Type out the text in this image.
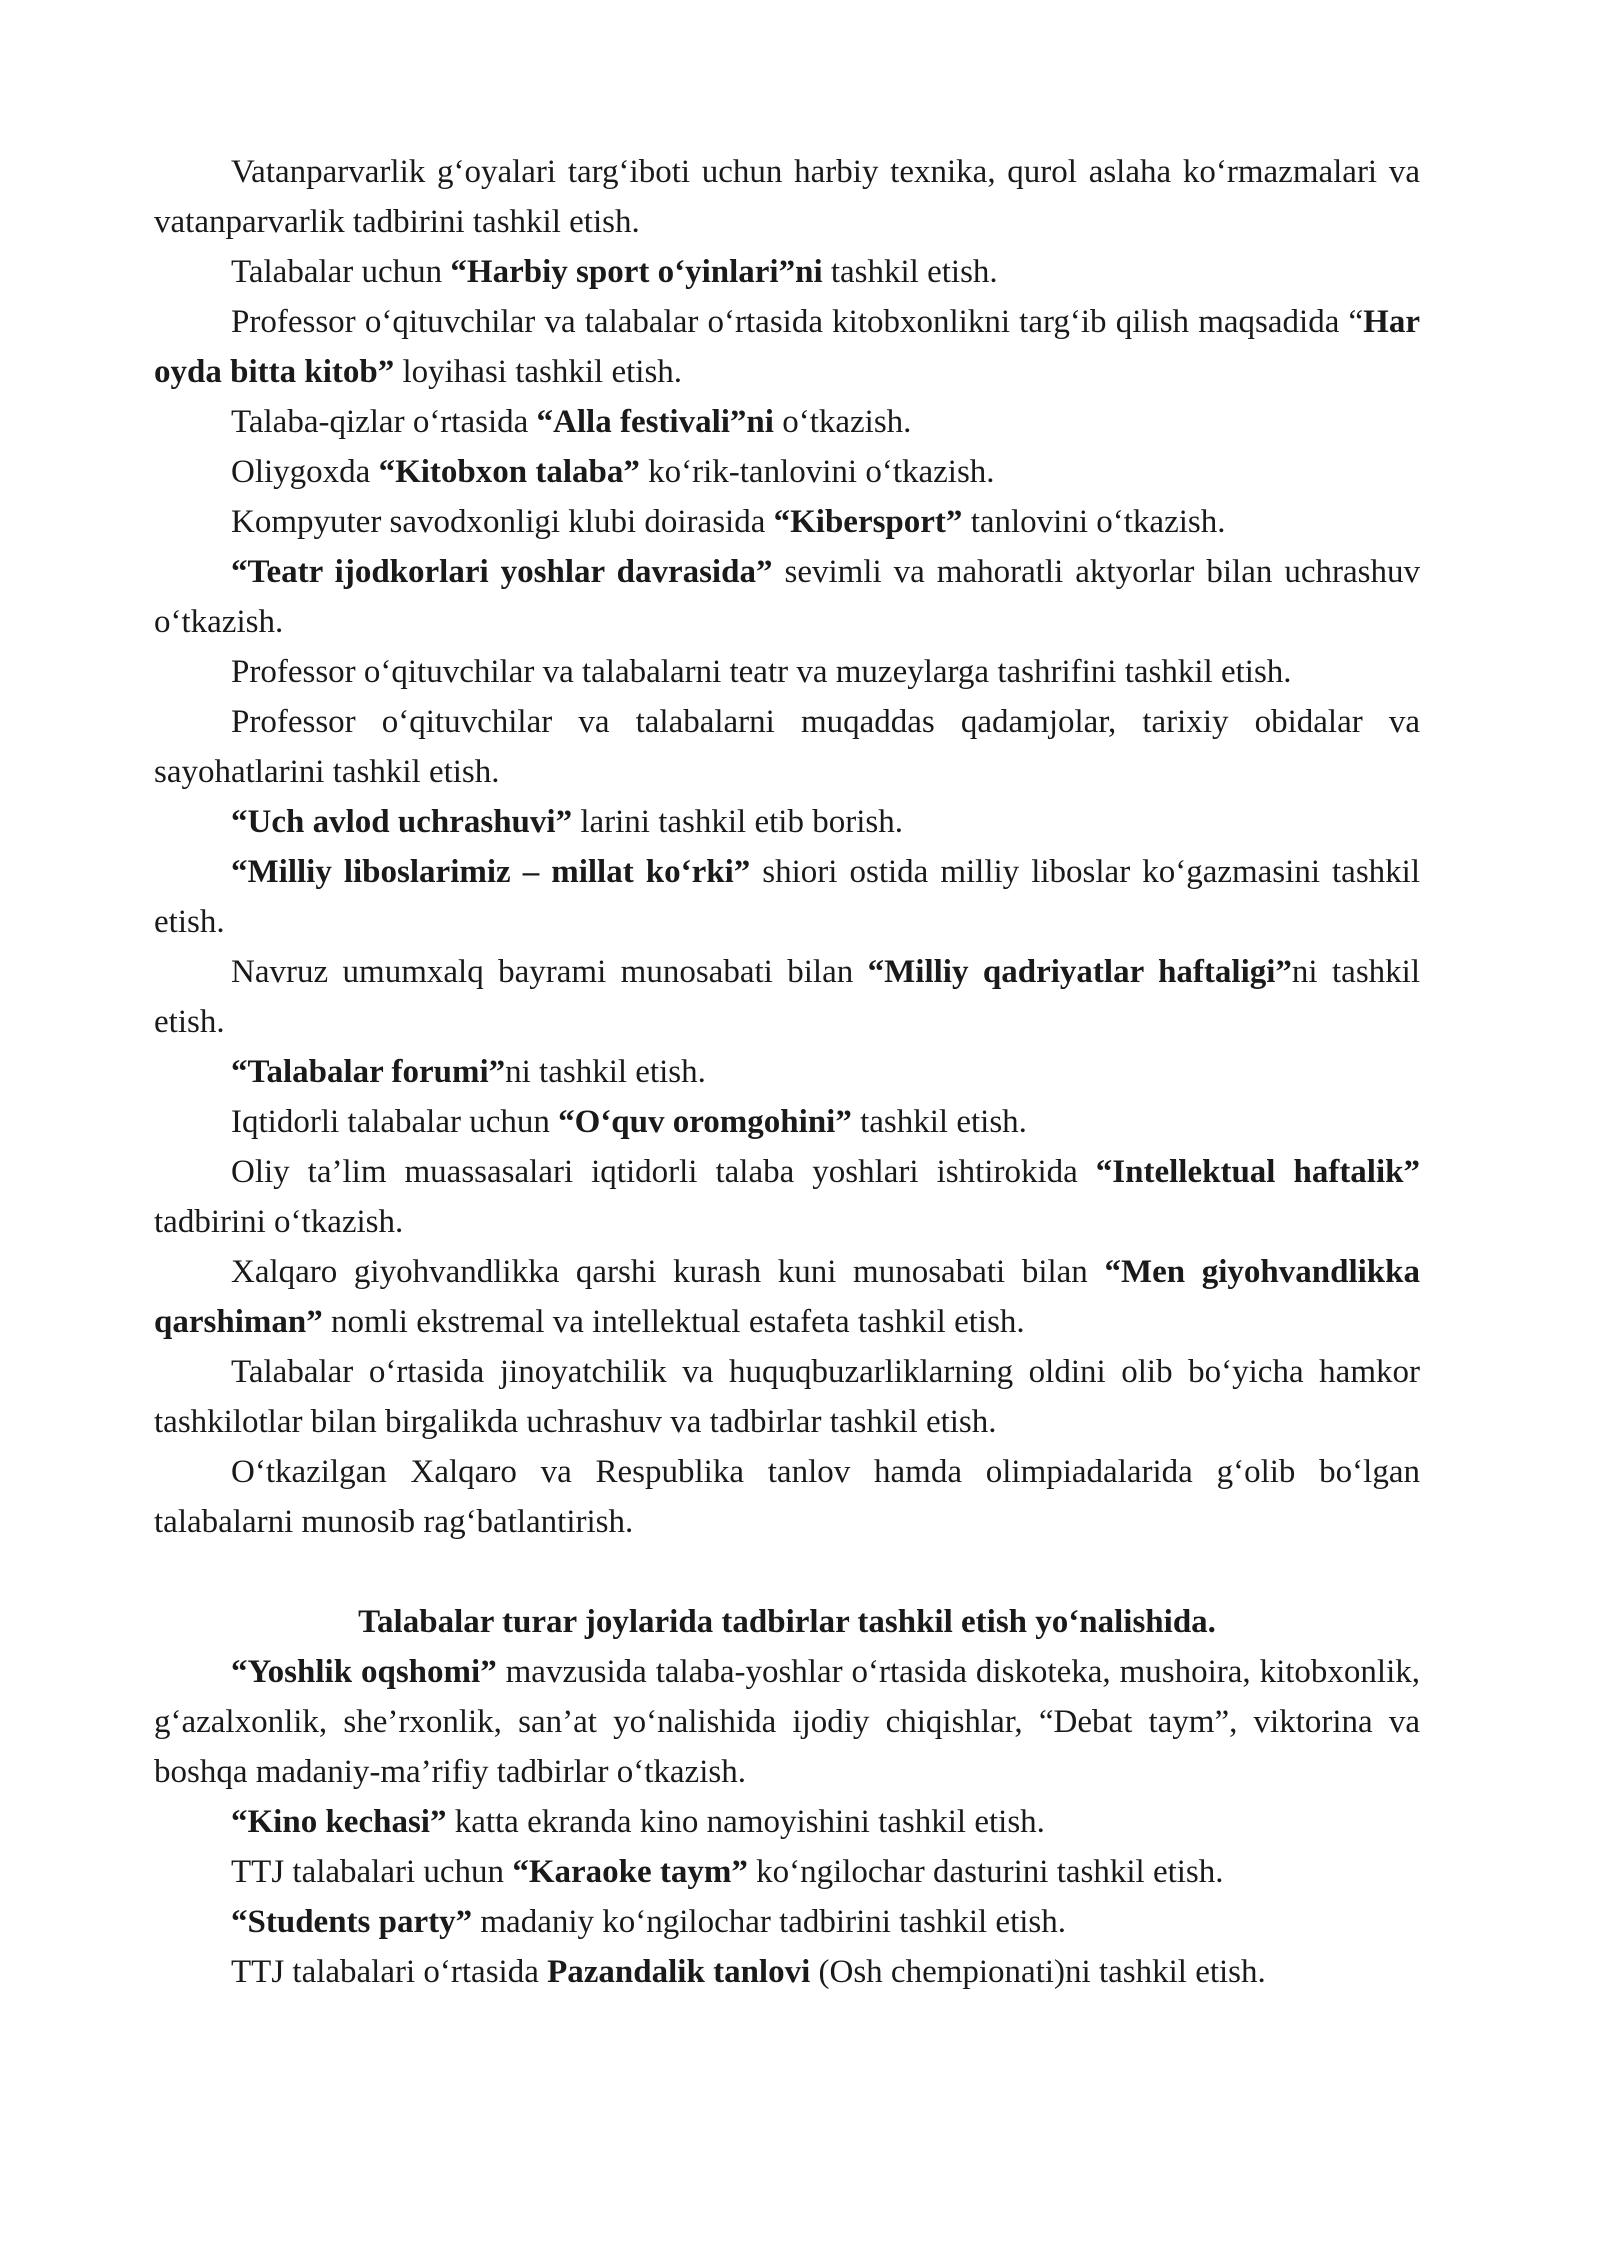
Vatanparvarlik g‘oyalari targ‘iboti uchun harbiy texnika, qurol aslaha ko‘rmazmalari va vatanparvarlik tadbirini tashkil etish.

Talabalar uchun “Harbiy sport o‘yinlari”ni tashkil etish.

Professor o‘qituvchilar va talabalar o‘rtasida kitobxonlikni targ‘ib qilish maqsadida “Har oyda bitta kitob” loyihasi tashkil etish.

Talaba-qizlar o‘rtasida “Alla festivali”ni o‘tkazish.

Oliygoxda “Kitobxon talaba” ko‘rik-tanlovini o‘tkazish.

Kompyuter savodxonligi klubi doirasida “Kibersport” tanlovini o‘tkazish.

“Teatr ijodkorlari yoshlar davrasida” sevimli va mahoratli aktyorlar bilan uchrashuv o‘tkazish.

Professor o‘qituvchilar va talabalarni teatr va muzeylarga tashrifini tashkil etish.

Professor o‘qituvchilar va talabalarni muqaddas qadamjolar, tarixiy obidalar va sayohatlarini tashkil etish.

“Uch avlod uchrashuvi” larini tashkil etib borish.

“Milliy liboslarimiz – millat ko‘rki” shiori ostida milliy liboslar ko‘gazmasini tashkil etish.

Navruz umumxalq bayrami munosabati bilan “Milliy qadriyatlar haftaligi”ni tashkil etish.

“Talabalar forumi”ni tashkil etish.

Iqtidorli talabalar uchun “O‘quv oromgohini” tashkil etish.

Oliy ta’lim muassasalari iqtidorli talaba yoshlari ishtirokida “Intellektual haftalik” tadbirini o‘tkazish.

Xalqaro giyohvandlikka qarshi kurash kuni munosabati bilan “Men giyohvandlikka qarshiman” nomli ekstremal va intellektual estafeta tashkil etish.

Talabalar o‘rtasida jinoyatchilik va huquqbuzarliklarning oldini olib bo‘yicha hamkor tashkilotlar bilan birgalikda uchrashuv va tadbirlar tashkil etish.

O‘tkazilgan Xalqaro va Respublika tanlov hamda olimpiadalarida g‘olib bo‘lgan talabalarni munosib rag‘batlantirish.

Talabalar turar joylarida tadbirlar tashkil etish yo‘nalishida.

“Yoshlik oqshomi” mavzusida talaba-yoshlar o‘rtasida diskoteka, mushoira, kitobxonlik, g‘azalxonlik, she’rxonlik, san’at yo‘nalishida ijodiy chiqishlar, “Debat taym”, viktorina va boshqa madaniy-ma’rifiy tadbirlar o‘tkazish.

“Kino kechasi” katta ekranda kino namoyishini tashkil etish.

TTJ talabalari uchun “Karaoke taym” ko‘ngilochar dasturini tashkil etish.

“Students party” madaniy ko‘ngilochar tadbirini tashkil etish.

TTJ talabalari o‘rtasida Pazandalik tanlovi (Osh chempionati)ni tashkil etish.
